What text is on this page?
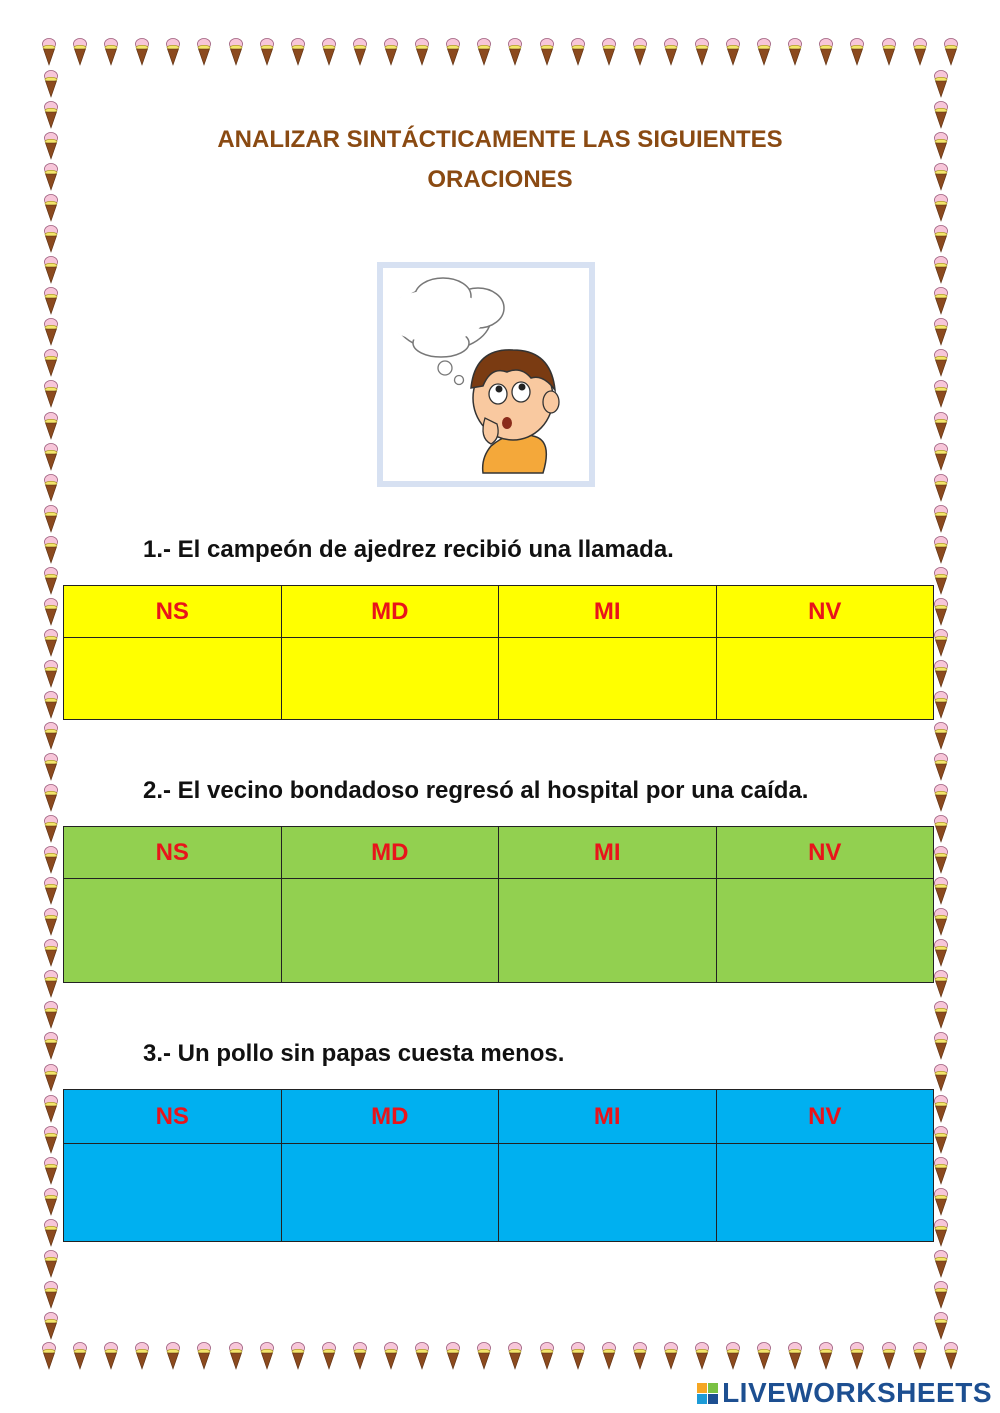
ANALIZAR SINTÁCTICAMENTE LAS SIGUIENTES
ORACIONES
1.- El campeón de ajedrez recibió una llamada.
NS	MD	MI	NV

2.- El vecino bondadoso regresó al hospital por una caída.
NS	MD	MI	NV

3.- Un pollo sin papas cuesta menos.
NS	MD	MI	NV

LIVEWORKSHEETS
